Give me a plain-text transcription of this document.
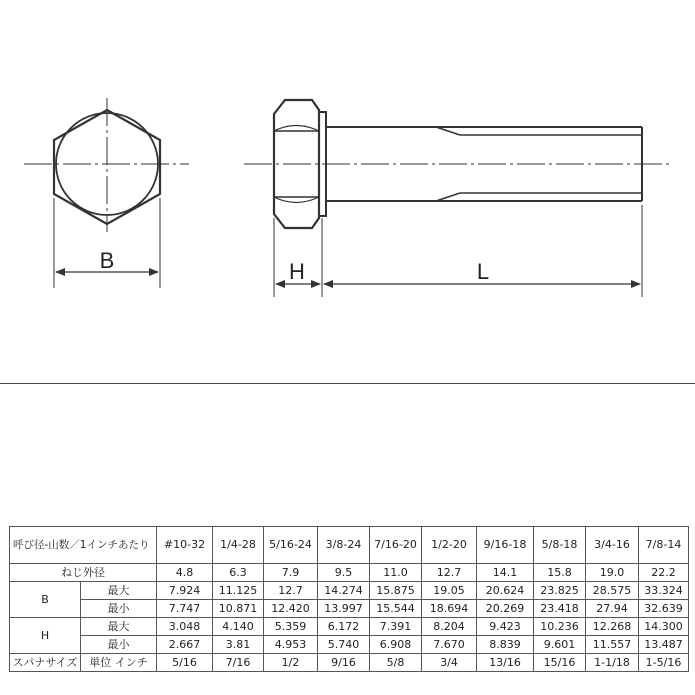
B	H	L
呼び径-山数／1インチあたり		#10-32	1/4-28	5/16-24	3/8-24	7/16-20	1/2-20	9/16-18	5/8-18	3/4-16	7/8-14
ねじ外径		4.8	6.3	7.9	9.5	11.0	12.7	14.1	15.8	19.0	22.2
B	最大	7.924	11.125	12.7	14.274	15.875	19.05	20.624	23.825	28.575	33.324
	最小	7.747	10.871	12.420	13.997	15.544	18.694	20.269	23.418	27.94	32.639
H	最大	3.048	4.140	5.359	6.172	7.391	8.204	9.423	10.236	12.268	14.300
	最小	2.667	3.81	4.953	5.740	6.908	7.670	8.839	9.601	11.557	13.487
スパナサイズ	単位 インチ	5/16	7/16	1/2	9/16	5/8	3/4	13/16	15/16	1-1/18	1-5/16
